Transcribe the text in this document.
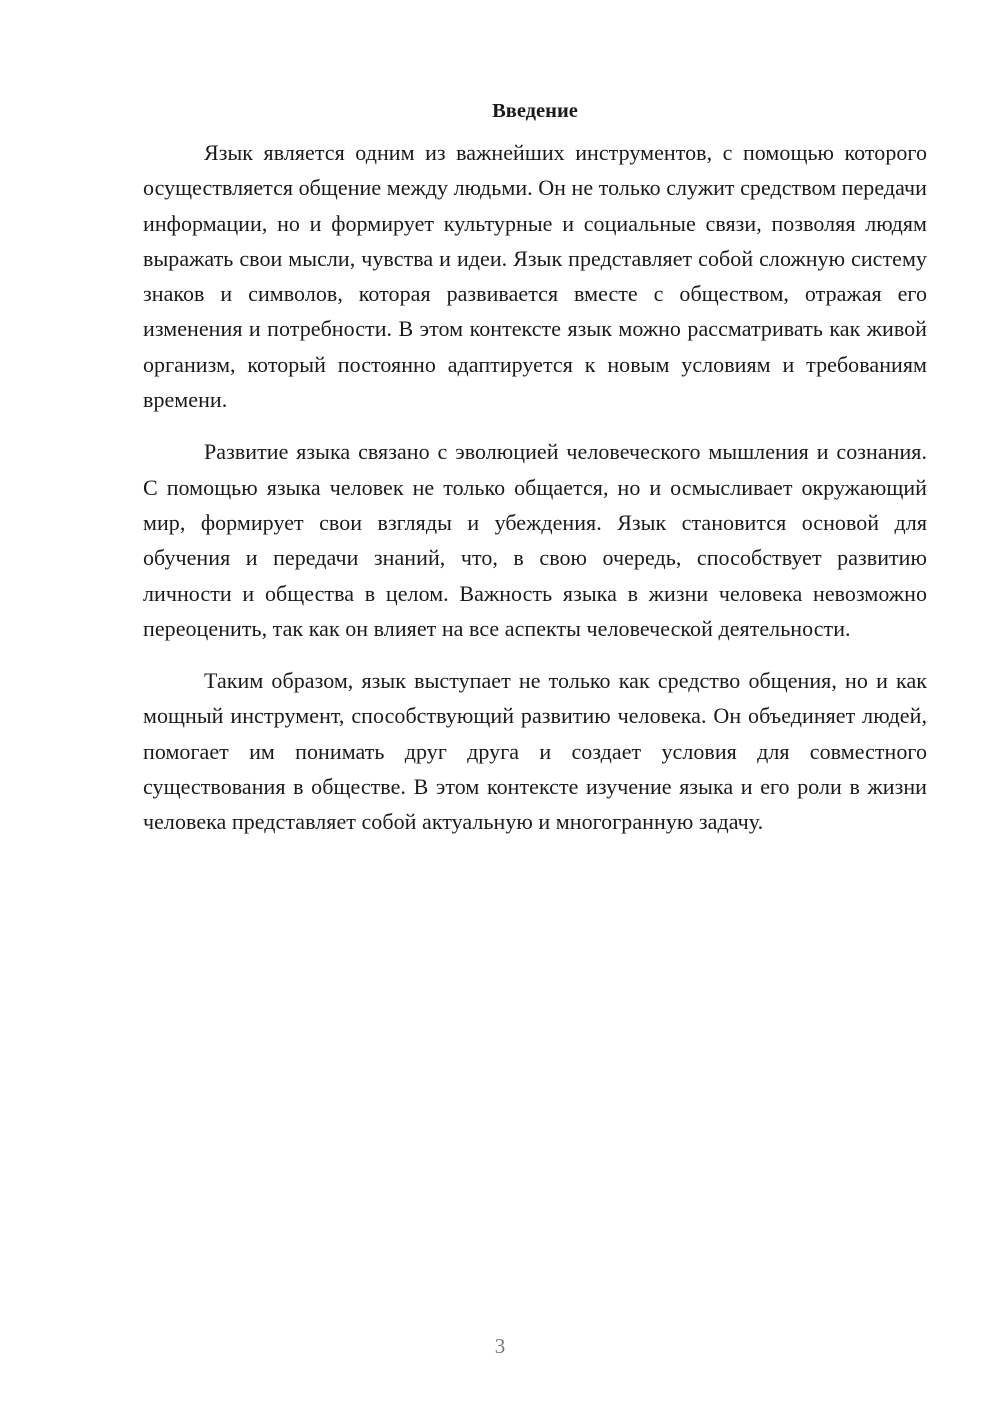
Введение

Язык является одним из важнейших инструментов, с помощью которого осуществляется общение между людьми. Он не только служит средством передачи информации, но и формирует культурные и социальные связи, позволяя людям выражать свои мысли, чувства и идеи. Язык представляет собой сложную систему знаков и символов, которая развивается вместе с обществом, отражая его изменения и потребности. В этом контексте язык можно рассматривать как живой организм, который постоянно адаптируется к новым условиям и требованиям времени.

Развитие языка связано с эволюцией человеческого мышления и сознания. С помощью языка человек не только общается, но и осмысливает окружающий мир, формирует свои взгляды и убеждения. Язык становится основой для обучения и передачи знаний, что, в свою очередь, способствует развитию личности и общества в целом. Важность языка в жизни человека невозможно переоценить, так как он влияет на все аспекты человеческой деятельности.

Таким образом, язык выступает не только как средство общения, но и как мощный инструмент, способствующий развитию человека. Он объединяет людей, помогает им понимать друг друга и создает условия для совместного существования в обществе. В этом контексте изучение языка и его роли в жизни человека представляет собой актуальную и многогранную задачу.

3
